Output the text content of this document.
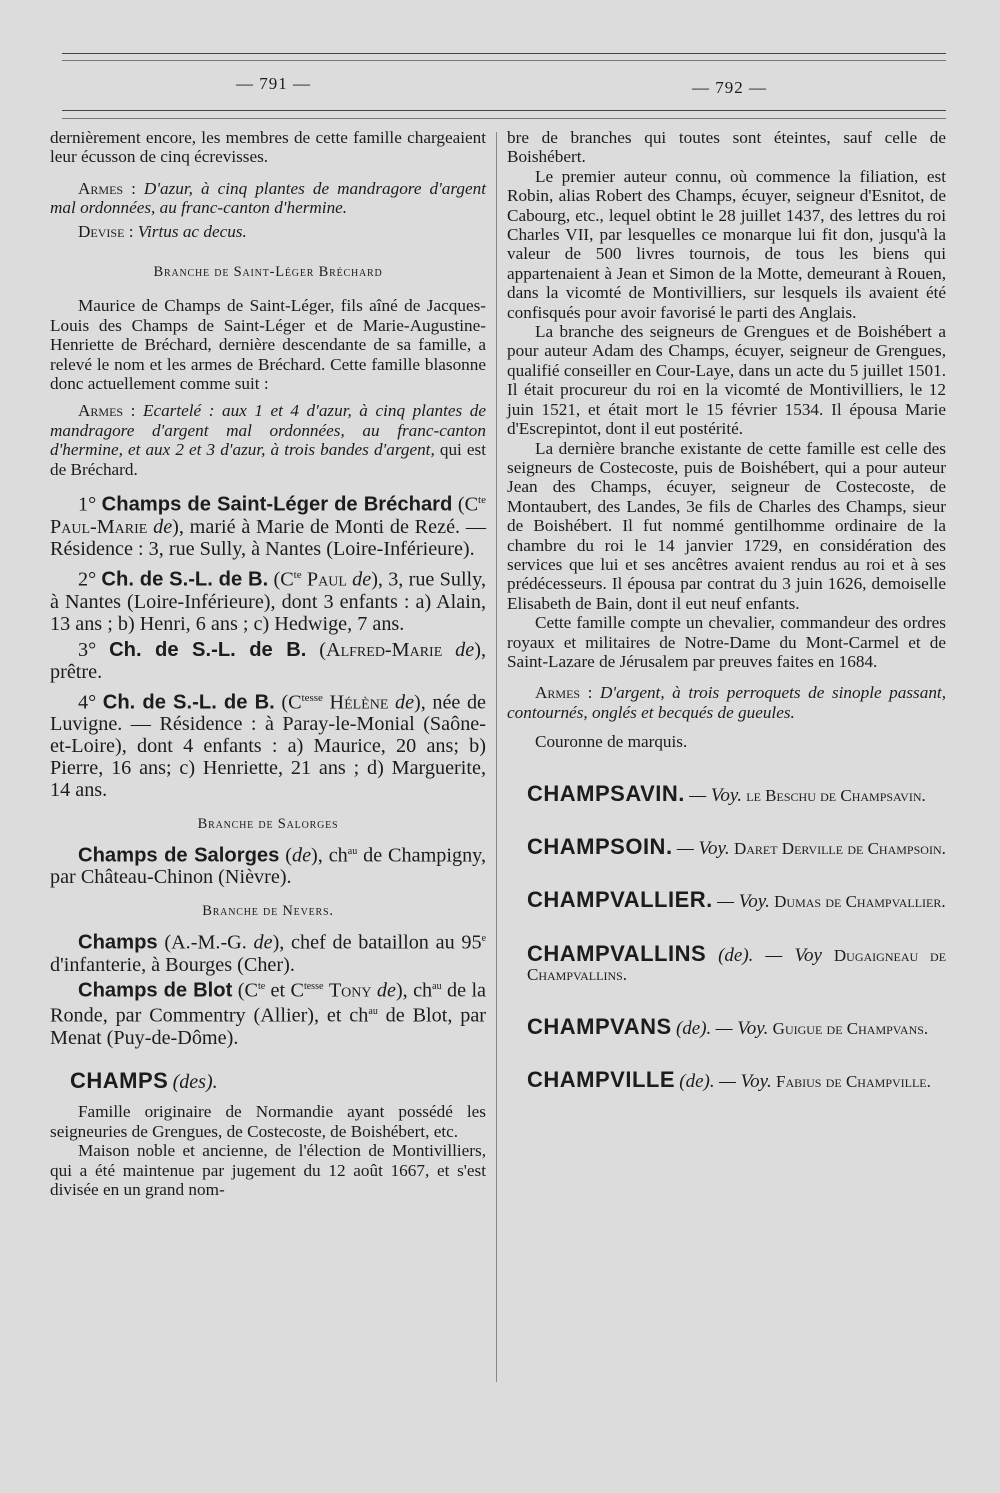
— 791 —	— 792 —

dernièrement encore, les membres de cette famille chargeaient leur écusson de cinq écrevisses.

Armes : D'azur, à cinq plantes de mandragore d'argent mal ordonnées, au franc-canton d'hermine.

Devise : Virtus ac decus.

Branche de Saint-Léger Bréchard

Maurice de Champs de Saint-Léger, fils aîné de Jacques-Louis des Champs de Saint-Léger et de Marie-Augustine-Henriette de Bréchard, dernière descendante de sa famille, a relevé le nom et les armes de Bréchard. Cette famille blasonne donc actuellement comme suit :

Armes : Ecartelé : aux 1 et 4 d'azur, à cinq plantes de mandragore d'argent mal ordonnées, au franc-canton d'hermine, et aux 2 et 3 d'azur, à trois bandes d'argent, qui est de Bréchard.

1° Champs de Saint-Léger de Bréchard ($C^{te}$ Paul-Marie de), marié à Marie de Monti de Rezé. — Résidence : 3, rue Sully, à Nantes (Loire-Inférieure).

2° Ch. de S.-L. de B. ($C^{te}$ Paul de), 3, rue Sully, à Nantes (Loire-Inférieure), dont 3 enfants : a) Alain, 13 ans ; b) Henri, 6 ans ; c) Hedwige, 7 ans.

3° Ch. de S.-L. de B. (Alfred-Marie de), prêtre.

4° Ch. de S.-L. de B. ($C^{tesse}$ Hélène de), née de Luvigne. — Résidence : à Paray-le-Monial (Saône-et-Loire), dont 4 enfants : a) Maurice, 20 ans; b) Pierre, 16 ans; c) Henriette, 21 ans ; d) Marguerite, 14 ans.

Branche de Salorges

Champs de Salorges (de), $ch^{au}$ de Champigny, par Château-Chinon (Nièvre).

Branche de Nevers.

Champs (A.-M.-G. de), chef de bataillon au 95e d'infanterie, à Bourges (Cher).

Champs de Blot ($C^{te}$ et $C^{tesse}$ Tony de), $ch^{au}$ de la Ronde, par Commentry (Allier), et $ch^{au}$ de Blot, par Menat (Puy-de-Dôme).

CHAMPS (des).

Famille originaire de Normandie ayant possédé les seigneuries de Grengues, de Costecoste, de Boishébert, etc.

Maison noble et ancienne, de l'élection de Montivilliers, qui a été maintenue par jugement du 12 août 1667, et s'est divisée en un grand nom-

bre de branches qui toutes sont éteintes, sauf celle de Boishébert.

Le premier auteur connu, où commence la filiation, est Robin, alias Robert des Champs, écuyer, seigneur d'Esnitot, de Cabourg, etc., lequel obtint le 28 juillet 1437, des lettres du roi Charles VII, par lesquelles ce monarque lui fit don, jusqu'à la valeur de 500 livres tournois, de tous les biens qui appartenaient à Jean et Simon de la Motte, demeurant à Rouen, dans la vicomté de Montivilliers, sur lesquels ils avaient été confisqués pour avoir favorisé le parti des Anglais.

La branche des seigneurs de Grengues et de Boishébert a pour auteur Adam des Champs, écuyer, seigneur de Grengues, qualifié conseiller en Cour-Laye, dans un acte du 5 juillet 1501. Il était procureur du roi en la vicomté de Montivilliers, le 12 juin 1521, et était mort le 15 février 1534. Il épousa Marie d'Escrepintot, dont il eut postérité.

La dernière branche existante de cette famille est celle des seigneurs de Costecoste, puis de Boishébert, qui a pour auteur Jean des Champs, écuyer, seigneur de Costecoste, de Montaubert, des Landes, 3e fils de Charles des Champs, sieur de Boishébert. Il fut nommé gentilhomme ordinaire de la chambre du roi le 14 janvier 1729, en considération des services que lui et ses ancêtres avaient rendus au roi et à ses prédécesseurs. Il épousa par contrat du 3 juin 1626, demoiselle Elisabeth de Bain, dont il eut neuf enfants.

Cette famille compte un chevalier, commandeur des ordres royaux et militaires de Notre-Dame du Mont-Carmel et de Saint-Lazare de Jérusalem par preuves faites en 1684.

Armes : D'argent, à trois perroquets de sinople passant, contournés, onglés et becqués de gueules.

Couronne de marquis.

CHAMPSAVIN. — Voy. le Beschu de Champsavin.

CHAMPSOIN. — Voy. Daret Derville de Champsoin.

CHAMPVALLIER. — Voy. Dumas de Champvallier.

CHAMPVALLINS (de). — Voy Dugaigneau de Champvallins.

CHAMPVANS (de). — Voy. Guigue de Champvans.

CHAMPVILLE (de). — Voy. Fabius de Champville.
